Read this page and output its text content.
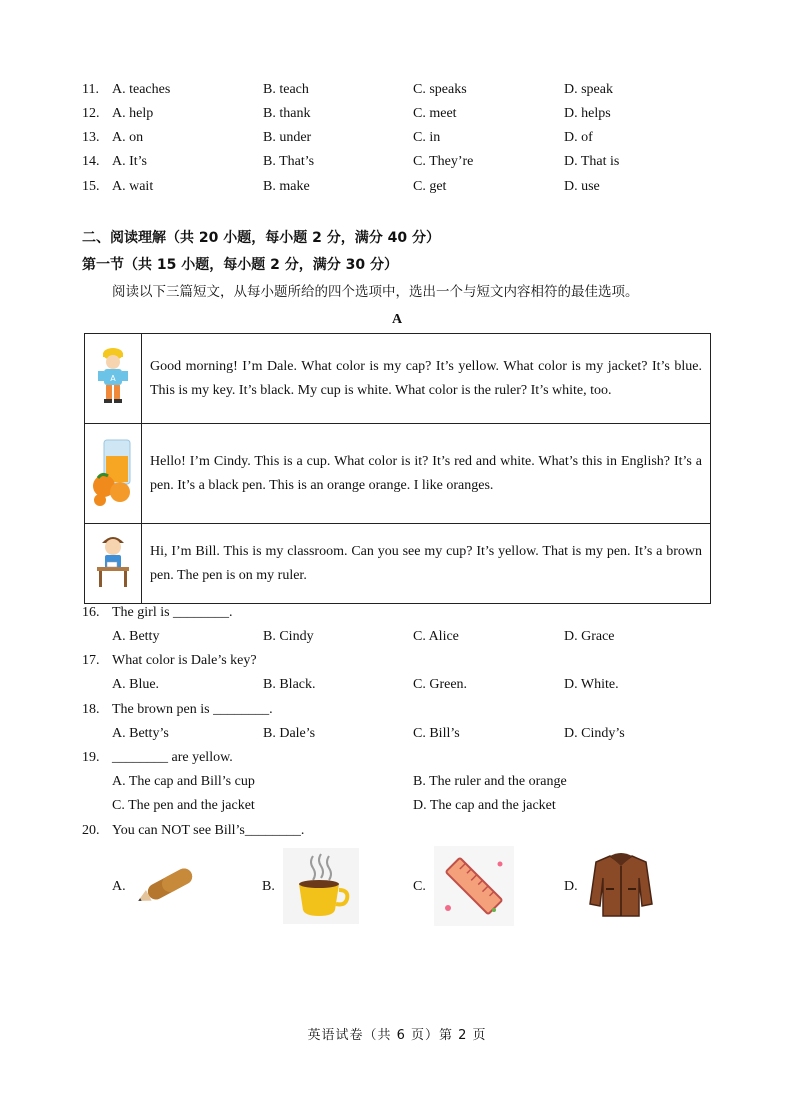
11. A. teaches	B. teach	C. speaks	D. speak
12. A. help	B. thank	C. meet	D. helps
13. A. on	B. under	C. in	D. of
14. A. It’s	B. That’s	C. They’re	D. That is
15. A. wait	B. make	C. get	D. use
二、阅读理解（共 20 小题，每小题 2 分，满分 40 分）
第一节（共 15 小题，每小题 2 分，满分 30 分）
阅读以下三篇短文，从每小题所给的四个选项中，选出一个与短文内容相符的最佳选项。
A
A	Good morning! I’m Dale. What color is my cap? It’s yellow. What color is my jacket? It’s blue. This is my key. It’s black. My cup is white. What color is the ruler? It’s white, too.
	Hello! I’m Cindy. This is a cup. What color is it? It’s red and white. What’s this in English? It’s a pen. It’s a black pen. This is an orange orange. I like oranges.
	Hi, I’m Bill. This is my classroom. Can you see my cup? It’s yellow. That is my pen. It’s a brown pen. The pen is on my ruler.
16. The girl is ________.
A. Betty	B. Cindy	C. Alice	D. Grace
17. What color is Dale’s key?
A. Blue.	B. Black.	C. Green.	D. White.
18. The brown pen is ________.
A. Betty’s	B. Dale’s	C. Bill’s	D. Cindy’s
19. ________ are yellow.
A. The cap and Bill’s cup	B. The ruler and the orange
C. The pen and the jacket	D. The cap and the jacket
20. You can NOT see Bill’s________.
A.	B.	C.	D.
英语试卷（共 6 页）第 2 页
